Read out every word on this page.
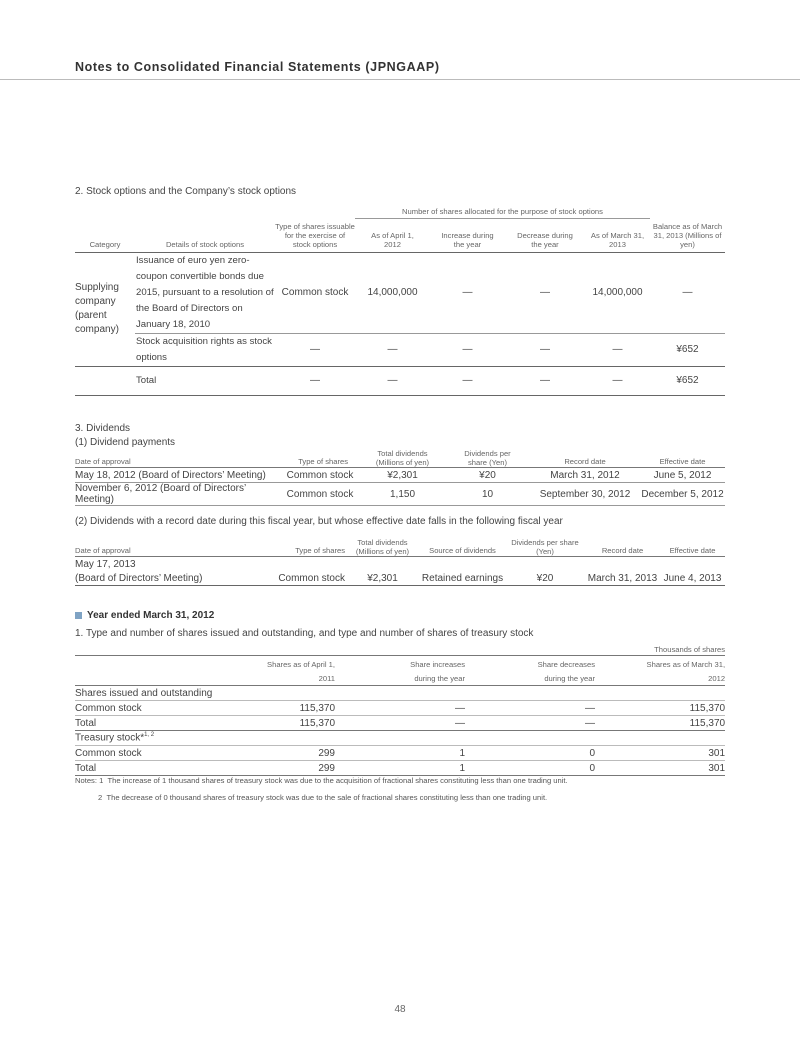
Notes to Consolidated Financial Statements (JPNGAAP)
2. Stock options and the Company’s stock options
			Number of shares allocated for the purpose of stock options				
Category	Details of stock options	Type of shares issuable for the exercise of stock options	As of April 1, 2012	Increase during the year	Decrease during the year	As of March 31, 2013	Balance as of March 31, 2013 (Millions of yen)
Supplying company (parent company)	Issuance of euro yen zero-coupon convertible bonds due 2015, pursuant to a resolution of the Board of Directors on January 18, 2010	Common stock	14,000,000	—	—	14,000,000	—
	Stock acquisition rights as stock options	—	—	—	—	—	¥652
	Total	—	—	—	—	—	¥652
3. Dividends
(1) Dividend payments
Date of approval	Type of shares	Total dividends (Millions of yen)	Dividends per share (Yen)	Record date	Effective date
May 18, 2012 (Board of Directors’ Meeting)	Common stock	¥2,301	¥20	March 31, 2012	June 5, 2012
November 6, 2012 (Board of Directors’ Meeting)	Common stock	1,150	10	September 30, 2012	December 5, 2012
(2) Dividends with a record date during this fiscal year, but whose effective date falls in the following fiscal year
Date of approval	Type of shares	Total dividends (Millions of yen)	Source of dividends	Dividends per share (Yen)	Record date	Effective date
May 17, 2013						
(Board of Directors’ Meeting)	Common stock	¥2,301	Retained earnings	¥20	March 31, 2013	June 4, 2013
Year ended March 31, 2012
1. Type and number of shares issued and outstanding, and type and number of shares of treasury stock
Thousands of shares				
	Shares as of April 1,	Share increases	Share decreases	Shares as of March 31,
	2011	during the year	during the year	2012
Shares issued and outstanding				
Common stock	115,370	—	—	115,370
Total	115,370	—	—	115,370
Treasury stock*$^{1, 2}$
Common stock	299	1	0	301
Total	299	1	0	301
Notes: 1 The increase of 1 thousand shares of treasury stock was due to the acquisition of fractional shares constituting less than one trading unit.
2 The decrease of 0 thousand shares of treasury stock was due to the sale of fractional shares constituting less than one trading unit.
48
